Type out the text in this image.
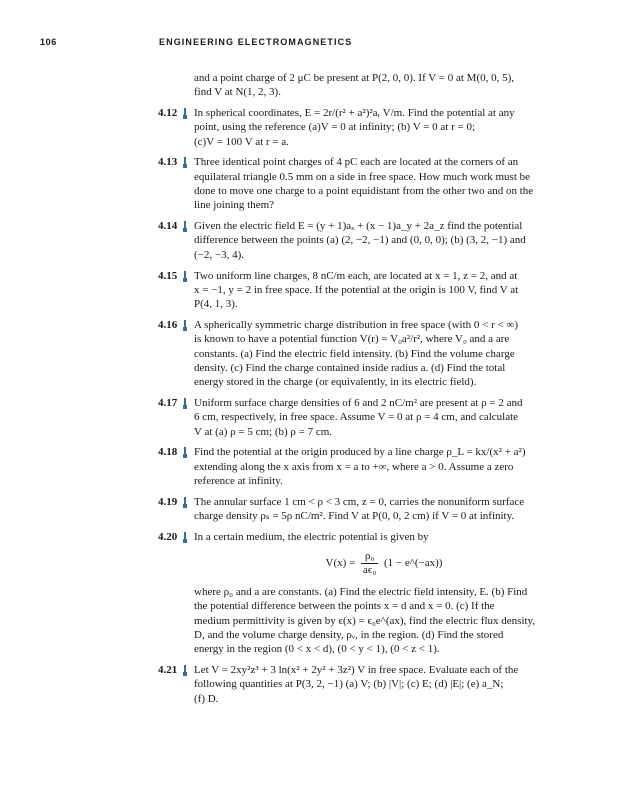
106	ENGINEERING ELECTROMAGNETICS
and a point charge of 2 μC be present at P(2, 0, 0). If V = 0 at M(0, 0, 5),
find V at N(1, 2, 3).
4.12 In spherical coordinates, E = 2r/(r² + a²)²aᵣ V/m. Find the potential at any
point, using the reference (a)V = 0 at infinity; (b) V = 0 at r = 0;
(c)V = 100 V at r = a.
4.13 Three identical point charges of 4 pC each are located at the corners of an
equilateral triangle 0.5 mm on a side in free space. How much work must be
done to move one charge to a point equidistant from the other two and on the
line joining them?
4.14 Given the electric field E = (y + 1)aₓ + (x − 1)a_y + 2a_z find the potential
difference between the points (a) (2, −2, −1) and (0, 0, 0); (b) (3, 2, −1) and
(−2, −3, 4).
4.15 Two uniform line charges, 8 nC/m each, are located at x = 1, z = 2, and at
x = −1, y = 2 in free space. If the potential at the origin is 100 V, find V at
P(4, 1, 3).
4.16 A spherically symmetric charge distribution in free space (with 0 < r < ∞)
is known to have a potential function V(r) = V₀a²/r², where V₀ and a are
constants. (a) Find the electric field intensity. (b) Find the volume charge
density. (c) Find the charge contained inside radius a. (d) Find the total
energy stored in the charge (or equivalently, in its electric field).
4.17 Uniform surface charge densities of 6 and 2 nC/m² are present at ρ = 2 and
6 cm, respectively, in free space. Assume V = 0 at ρ = 4 cm, and calculate
V at (a) ρ = 5 cm; (b) ρ = 7 cm.
4.18 Find the potential at the origin produced by a line charge ρ_L = kx/(x² + a²)
extending along the x axis from x = a to +∞, where a > 0. Assume a zero
reference at infinity.
4.19 The annular surface 1 cm < ρ < 3 cm, z = 0, carries the nonuniform surface
charge density ρₛ = 5ρ nC/m². Find V at P(0, 0, 2 cm) if V = 0 at infinity.
4.20 In a certain medium, the electric potential is given by
$V(x) = \frac{\text{ρ₀}}{\text{aϵ₀}} (1$ − e^(−ax))
where ρ₀ and a are constants. (a) Find the electric field intensity, E. (b) Find
the potential difference between the points x = d and x = 0. (c) If the
medium permittivity is given by ϵ(x) = ϵ₀e^(ax), find the electric flux density,
D, and the volume charge density, ρᵥ, in the region. (d) Find the stored
energy in the region (0 < x < d), (0 < y < 1), (0 < z < 1).
4.21 Let V = 2xy²z³ + 3 ln(x² + 2y² + 3z²) V in free space. Evaluate each of the
following quantities at P(3, 2, −1) (a) V; (b) |V|; (c) E; (d) |E|; (e) a_N;
(f) D.
